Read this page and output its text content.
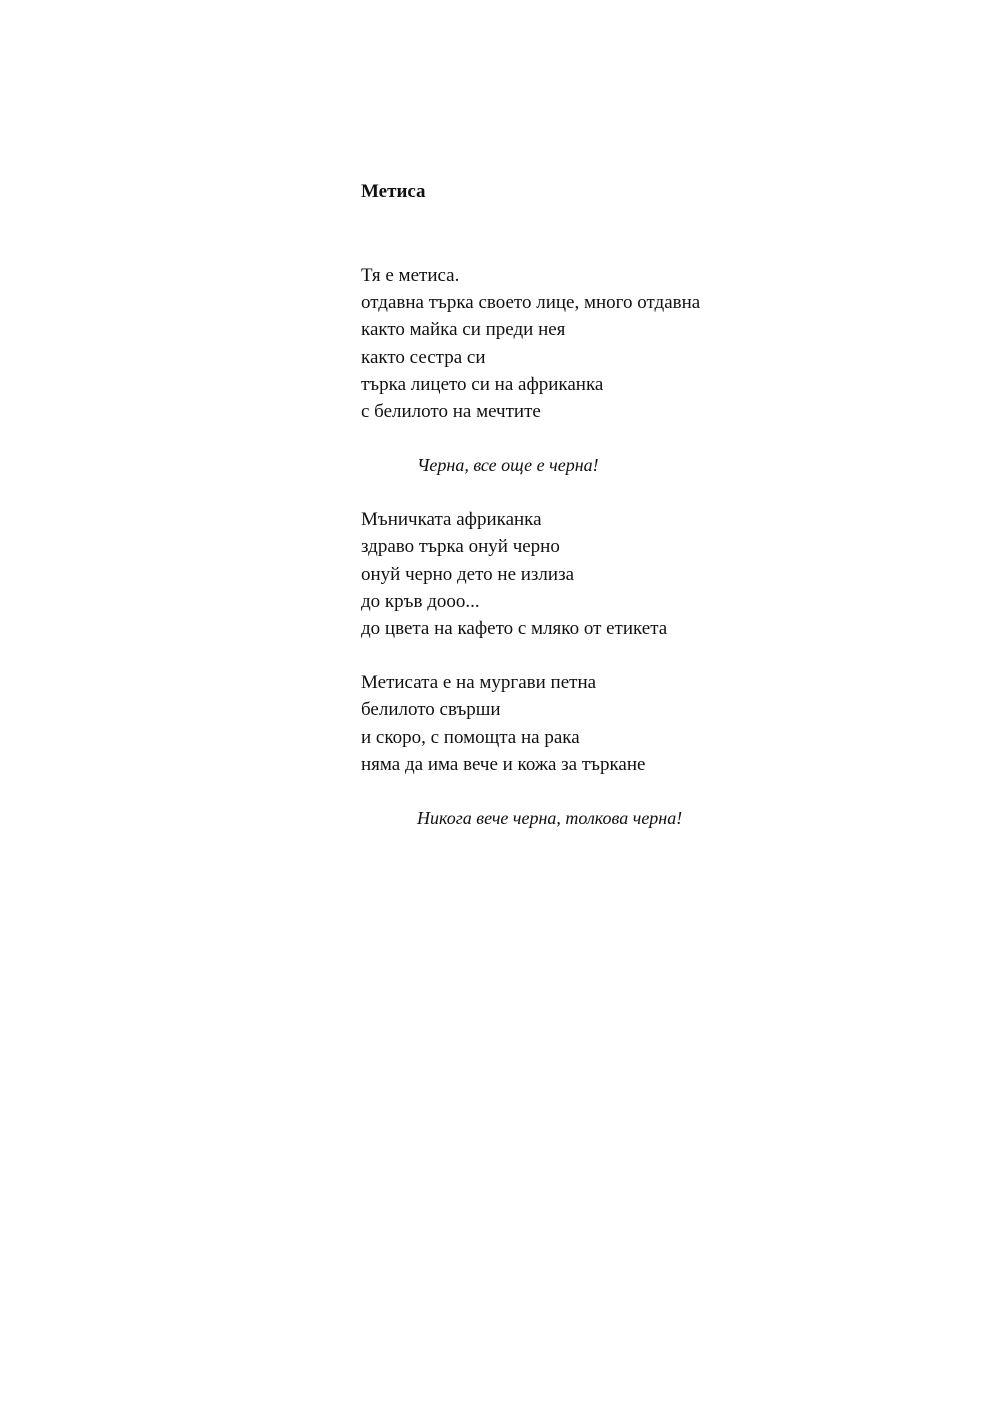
Метиса
Тя е метиса.
отдавна търка своето лице, много отдавна
както майка си преди нея
както сестра си
търка лицето си на африканка
с белилото на мечтите
Черна, все още е черна!
Мъничката африканка
здраво търка онуй черно
онуй черно дето не излиза
до кръв дооо...
до цвета на кафето с мляко от етикета
Метисата е на мургави петна
белилото свърши
и скоро, с помощта на рака
няма да има вече и кожа за търкане
Никога вече черна, толкова черна!
